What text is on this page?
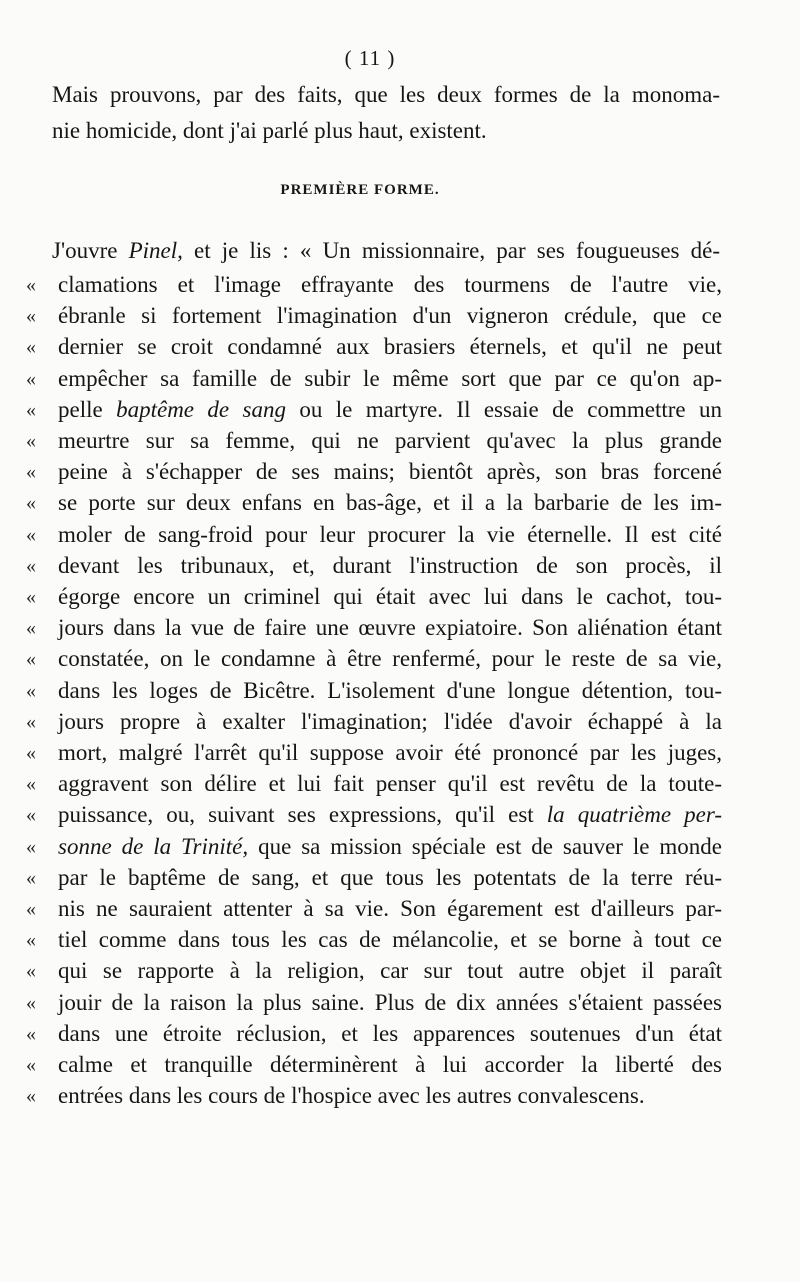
( 11 )
Mais prouvons, par des faits, que les deux formes de la monoma-
nie homicide, dont j'ai parlé plus haut, existent.
PREMIÈRE FORME.
J'ouvre Pinel, et je lis : « Un missionnaire, par ses fougueuses dé-
« clamations et l'image effrayante des tourmens de l'autre vie,
« ébranle si fortement l'imagination d'un vigneron crédule, que ce
« dernier se croit condamné aux brasiers éternels, et qu'il ne peut
« empêcher sa famille de subir le même sort que par ce qu'on ap-
« pelle baptême de sang ou le martyre. Il essaie de commettre un
« meurtre sur sa femme, qui ne parvient qu'avec la plus grande
« peine à s'échapper de ses mains; bientôt après, son bras forcené
« se porte sur deux enfans en bas-âge, et il a la barbarie de les im-
« moler de sang-froid pour leur procurer la vie éternelle. Il est cité
« devant les tribunaux, et, durant l'instruction de son procès, il
« égorge encore un criminel qui était avec lui dans le cachot, tou-
« jours dans la vue de faire une œuvre expiatoire. Son aliénation étant
« constatée, on le condamne à être renfermé, pour le reste de sa vie,
« dans les loges de Bicêtre. L'isolement d'une longue détention, tou-
« jours propre à exalter l'imagination; l'idée d'avoir échappé à la
« mort, malgré l'arrêt qu'il suppose avoir été prononcé par les juges,
« aggravent son délire et lui fait penser qu'il est revêtu de la toute-
« puissance, ou, suivant ses expressions, qu'il est la quatrième per-
« sonne de la Trinité, que sa mission spéciale est de sauver le monde
« par le baptême de sang, et que tous les potentats de la terre réu-
« nis ne sauraient attenter à sa vie. Son égarement est d'ailleurs par-
« tiel comme dans tous les cas de mélancolie, et se borne à tout ce
« qui se rapporte à la religion, car sur tout autre objet il paraît
« jouir de la raison la plus saine. Plus de dix années s'étaient passées
« dans une étroite réclusion, et les apparences soutenues d'un état
« calme et tranquille déterminèrent à lui accorder la liberté des
« entrées dans les cours de l'hospice avec les autres convalescens.
